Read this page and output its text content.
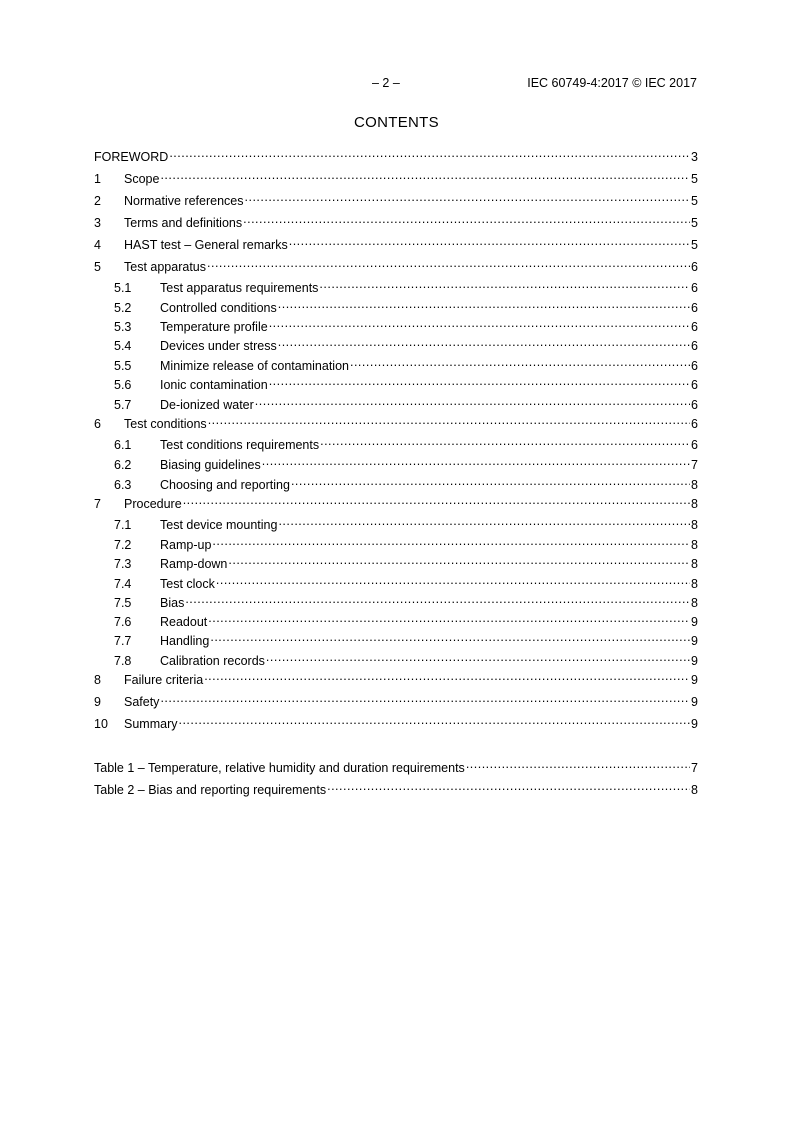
– 2 –	IEC 60749-4:2017 © IEC 2017
CONTENTS
FOREWORD .....	3
1	Scope .....	5
2	Normative references .....	5
3	Terms and definitions .....	5
4	HAST test – General remarks .....	5
5	Test apparatus .....	6
5.1	Test apparatus requirements .....	6
5.2	Controlled conditions .....	6
5.3	Temperature profile .....	6
5.4	Devices under stress .....	6
5.5	Minimize release of contamination .....	6
5.6	Ionic contamination .....	6
5.7	De-ionized water .....	6
6	Test conditions .....	6
6.1	Test conditions requirements .....	6
6.2	Biasing guidelines .....	7
6.3	Choosing and reporting .....	8
7	Procedure .....	8
7.1	Test device mounting .....	8
7.2	Ramp-up .....	8
7.3	Ramp-down .....	8
7.4	Test clock .....	8
7.5	Bias .....	8
7.6	Readout .....	9
7.7	Handling .....	9
7.8	Calibration records .....	9
8	Failure criteria .....	9
9	Safety .....	9
10	Summary .....	9
Table 1 – Temperature, relative humidity and duration requirements .....	7
Table 2 – Bias and reporting requirements .....	8
